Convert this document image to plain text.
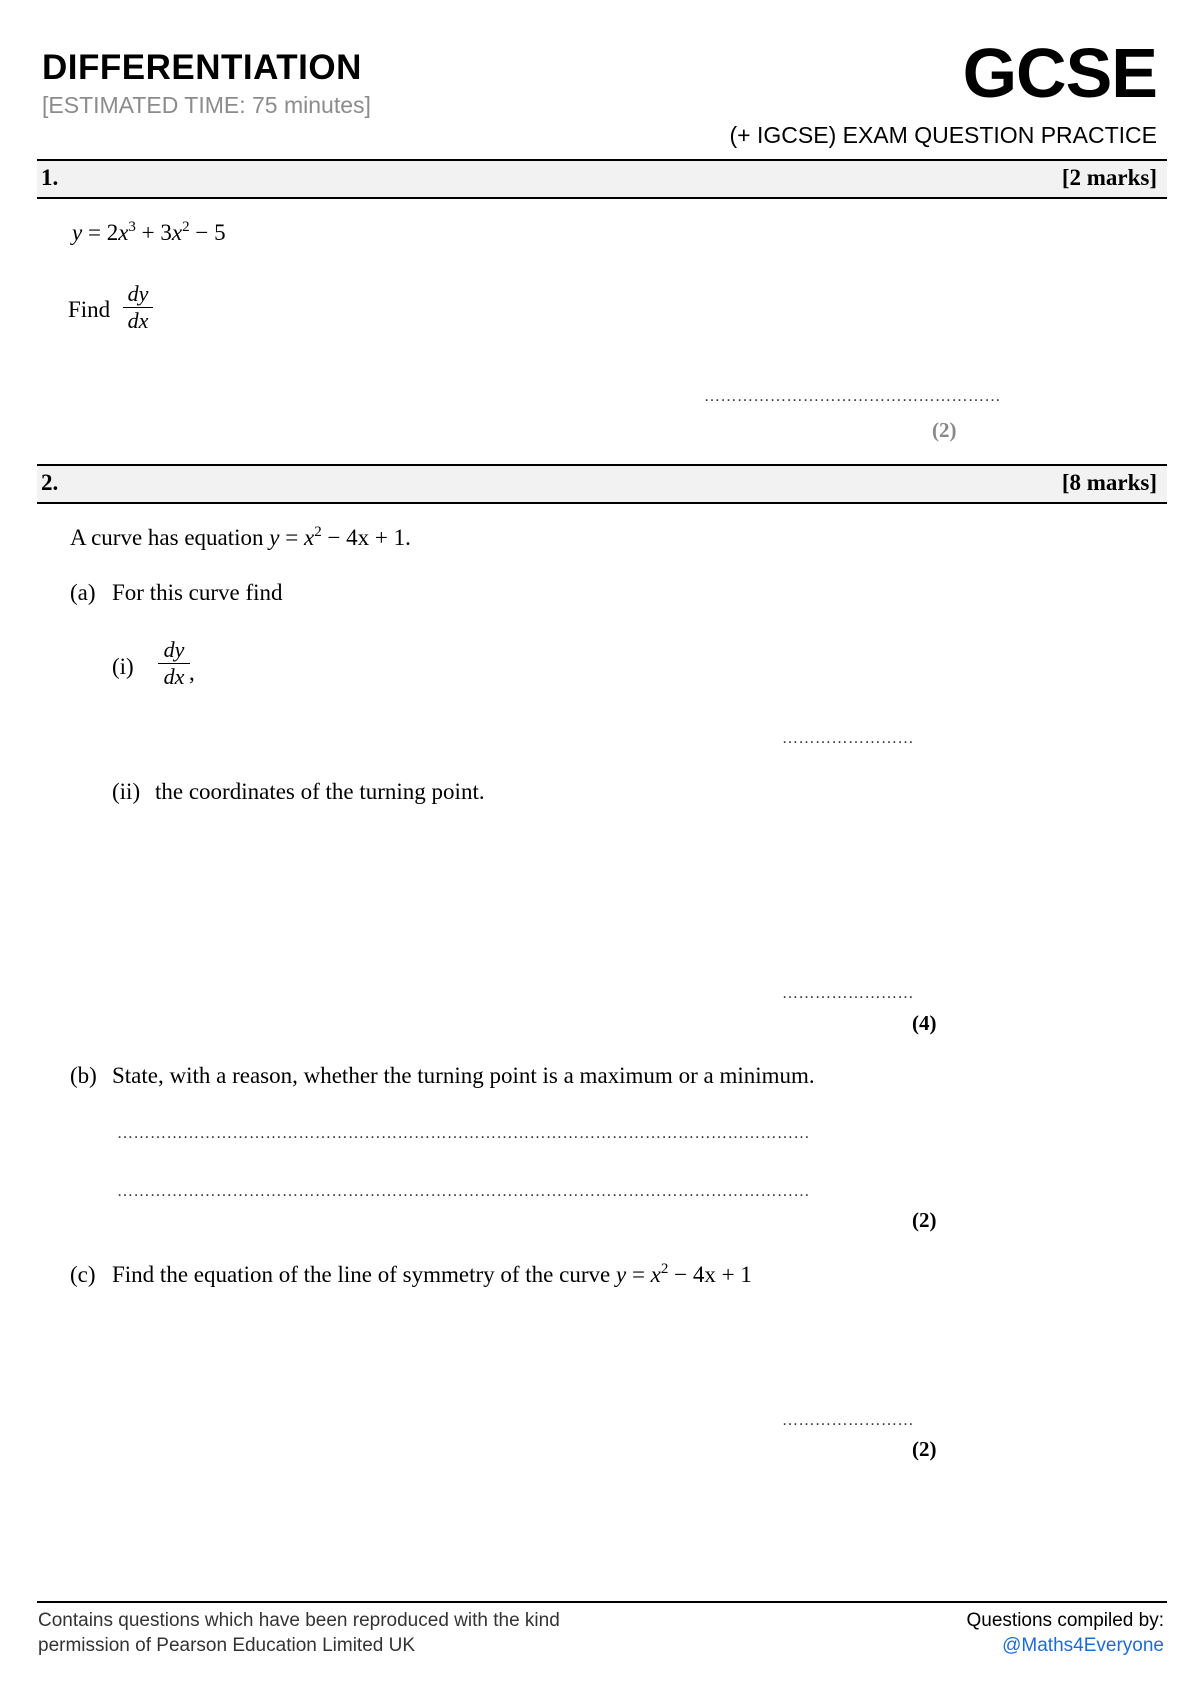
DIFFERENTIATION
[ESTIMATED TIME: 75 minutes]	GCSE
(+ IGCSE) EXAM QUESTION PRACTICE
1.	[2 marks]
$y = 2x^3 + 3x^2 - 5$
Find
dy
dx
………………………………………………
(2)
2.	[8 marks]
A curve has equation $y = x^2 - 4x + 1$.
(a) For this curve find
(i)
dy
dx ,
……………………
(ii) the coordinates of the turning point.
……………………
(4)
(b) State, with a reason, whether the turning point is a maximum or a minimum.
………………………………………………………………………………………………………………
………………………………………………………………………………………………………………
(2)
(c) Find the equation of the line of symmetry of the curve $y = x^2 - 4x + 1$
……………………
(2)
Contains questions which have been reproduced with the kind
permission of Pearson Education Limited UK
Questions compiled by:
@Maths4Everyone
